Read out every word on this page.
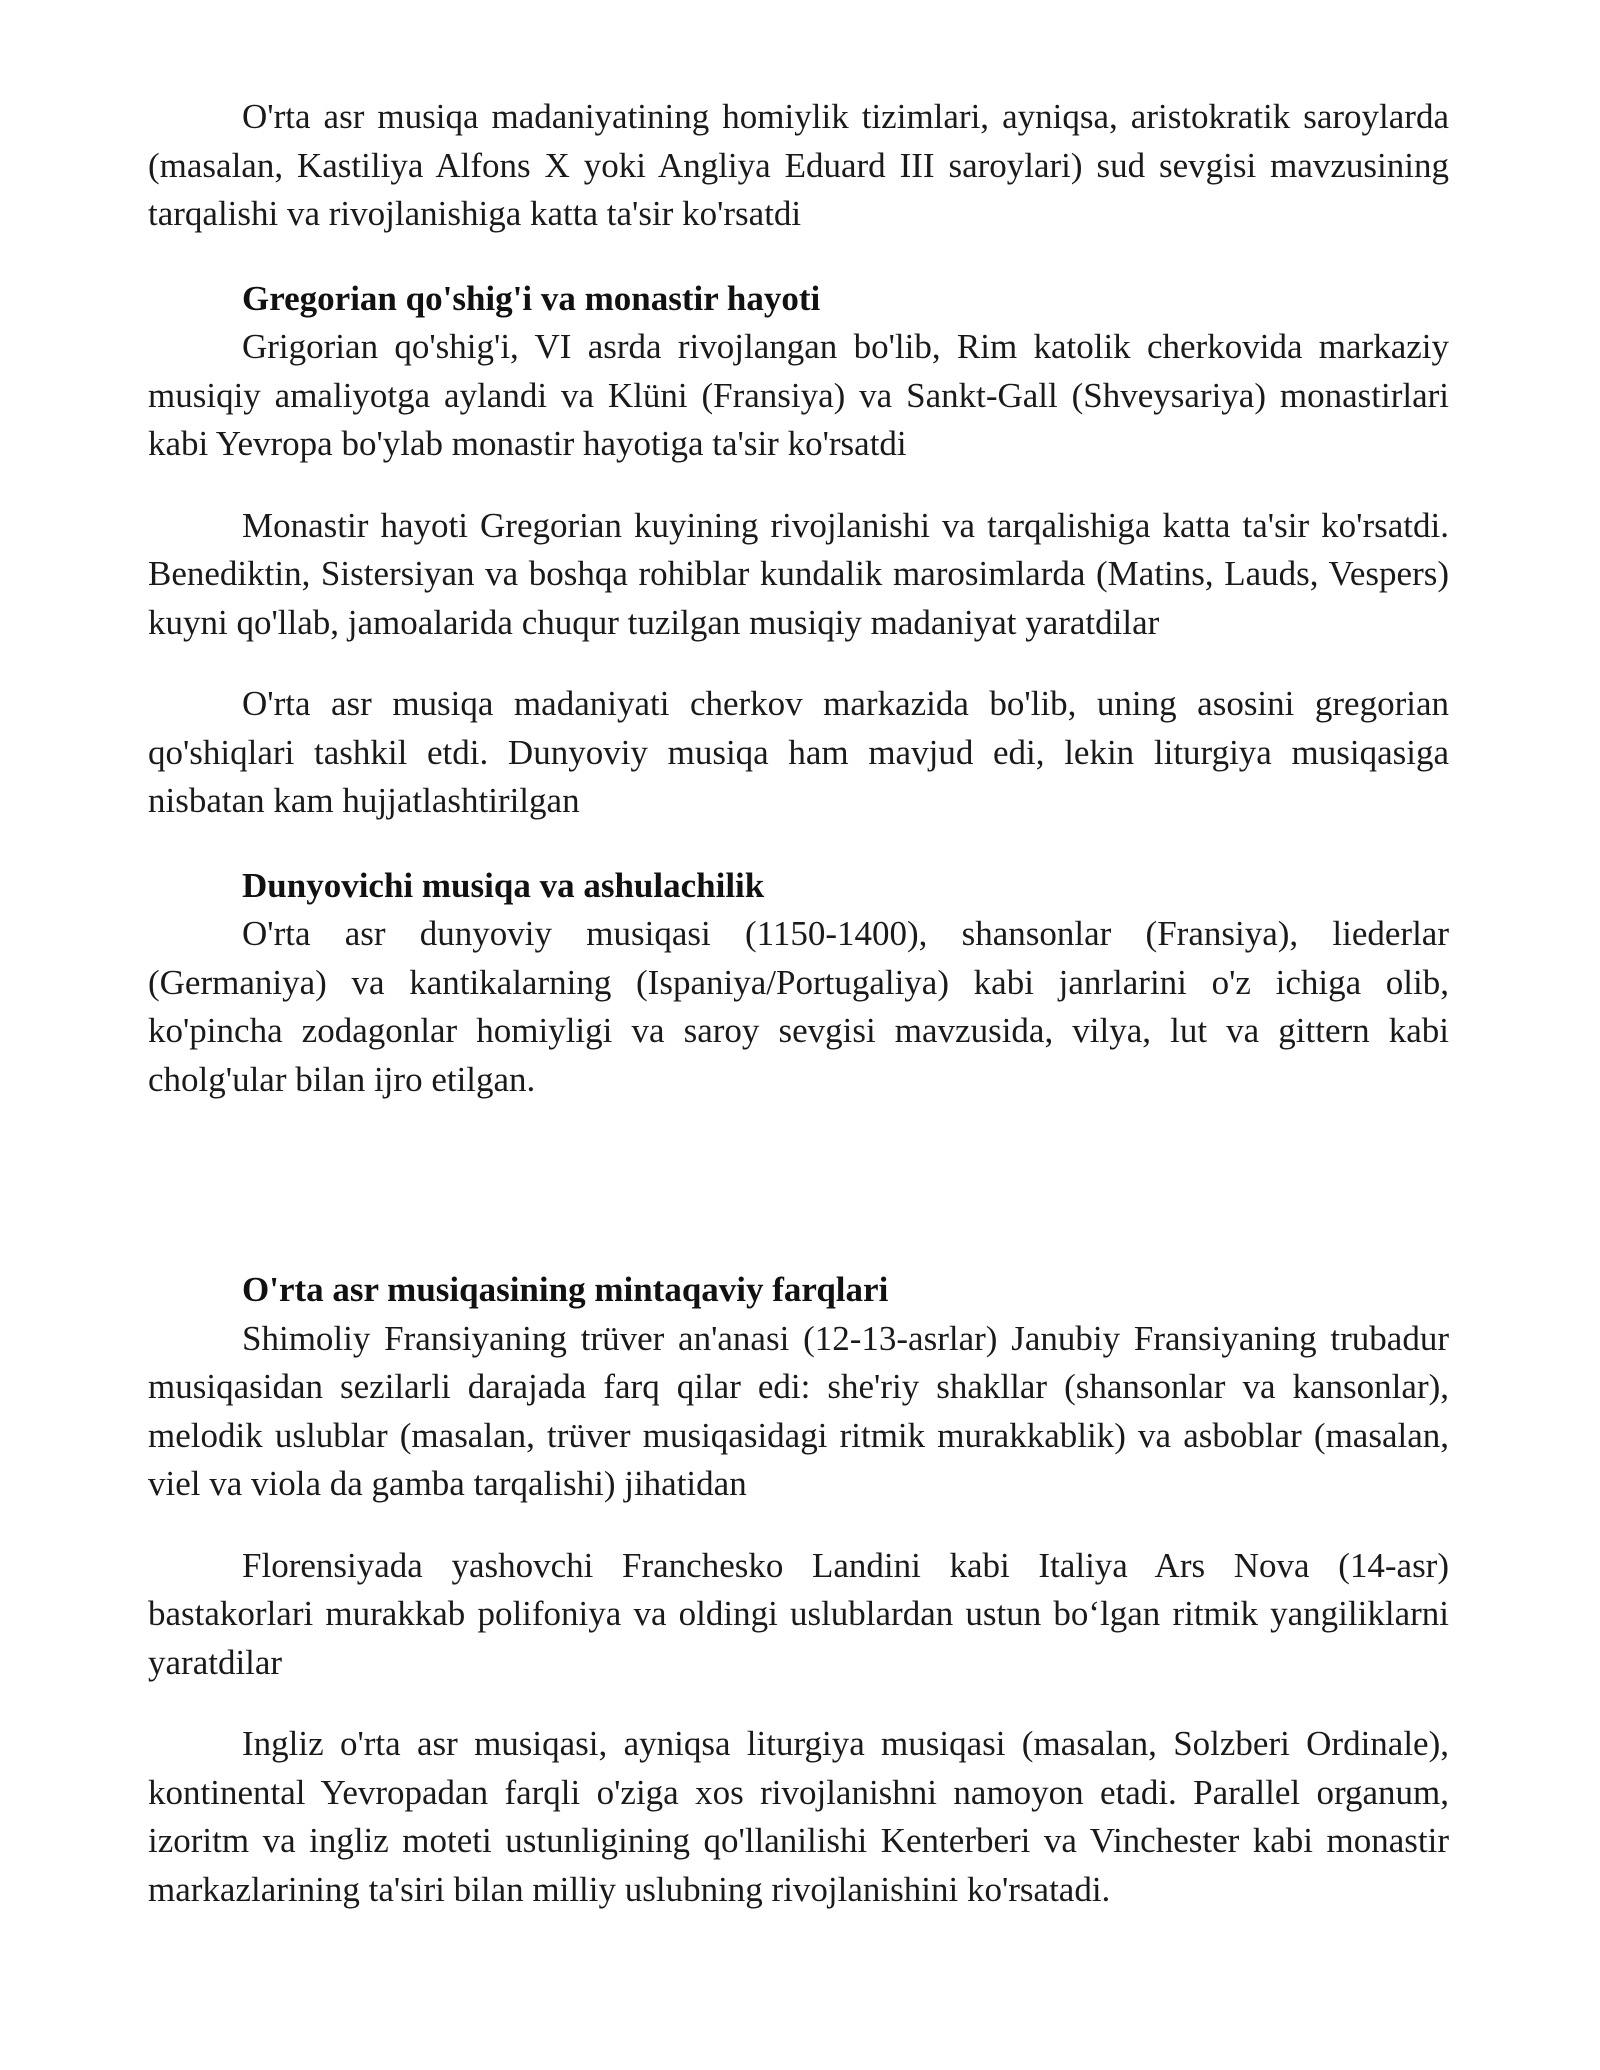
O'rta asr musiqa madaniyatining homiylik tizimlari, ayniqsa, aristokratik saroylarda (masalan, Kastiliya Alfons X yoki Angliya Eduard III saroylari) sud sevgisi mavzusining tarqalishi va rivojlanishiga katta ta'sir ko'rsatdi

Gregorian qo'shig'i va monastir hayoti

Grigorian qo'shig'i, VI asrda rivojlangan bo'lib, Rim katolik cherkovida markaziy musiqiy amaliyotga aylandi va Klüni (Fransiya) va Sankt-Gall (Shveysariya) monastirlari kabi Yevropa bo'ylab monastir hayotiga ta'sir ko'rsatdi

Monastir hayoti Gregorian kuyining rivojlanishi va tarqalishiga katta ta'sir ko'rsatdi. Benediktin, Sistersiyan va boshqa rohiblar kundalik marosimlarda (Matins, Lauds, Vespers) kuyni qo'llab, jamoalarida chuqur tuzilgan musiqiy madaniyat yaratdilar

O'rta asr musiqa madaniyati cherkov markazida bo'lib, uning asosini gregorian qo'shiqlari tashkil etdi. Dunyoviy musiqa ham mavjud edi, lekin liturgiya musiqasiga nisbatan kam hujjatlashtirilgan

Dunyovichi musiqa va ashulachilik

O'rta asr dunyoviy musiqasi (1150-1400), shansonlar (Fransiya), liederlar (Germaniya) va kantikalarning (Ispaniya/Portugaliya) kabi janrlarini o'z ichiga olib, ko'pincha zodagonlar homiyligi va saroy sevgisi mavzusida, vilya, lut va gittern kabi cholg'ular bilan ijro etilgan.

O'rta asr musiqasining mintaqaviy farqlari

Shimoliy Fransiyaning trüver an'anasi (12-13-asrlar) Janubiy Fransiyaning trubadur musiqasidan sezilarli darajada farq qilar edi: she'riy shakllar (shansonlar va kansonlar), melodik uslublar (masalan, trüver musiqasidagi ritmik murakkablik) va asboblar (masalan, viel va viola da gamba tarqalishi) jihatidan

Florensiyada yashovchi Franchesko Landini kabi Italiya Ars Nova (14-asr) bastakorlari murakkab polifoniya va oldingi uslublardan ustun bo‘lgan ritmik yangiliklarni yaratdilar

Ingliz o'rta asr musiqasi, ayniqsa liturgiya musiqasi (masalan, Solzberi Ordinale), kontinental Yevropadan farqli o'ziga xos rivojlanishni namoyon etadi. Parallel organum, izoritm va ingliz moteti ustunligining qo'llanilishi Kenterberi va Vinchester kabi monastir markazlarining ta'siri bilan milliy uslubning rivojlanishini ko'rsatadi.
